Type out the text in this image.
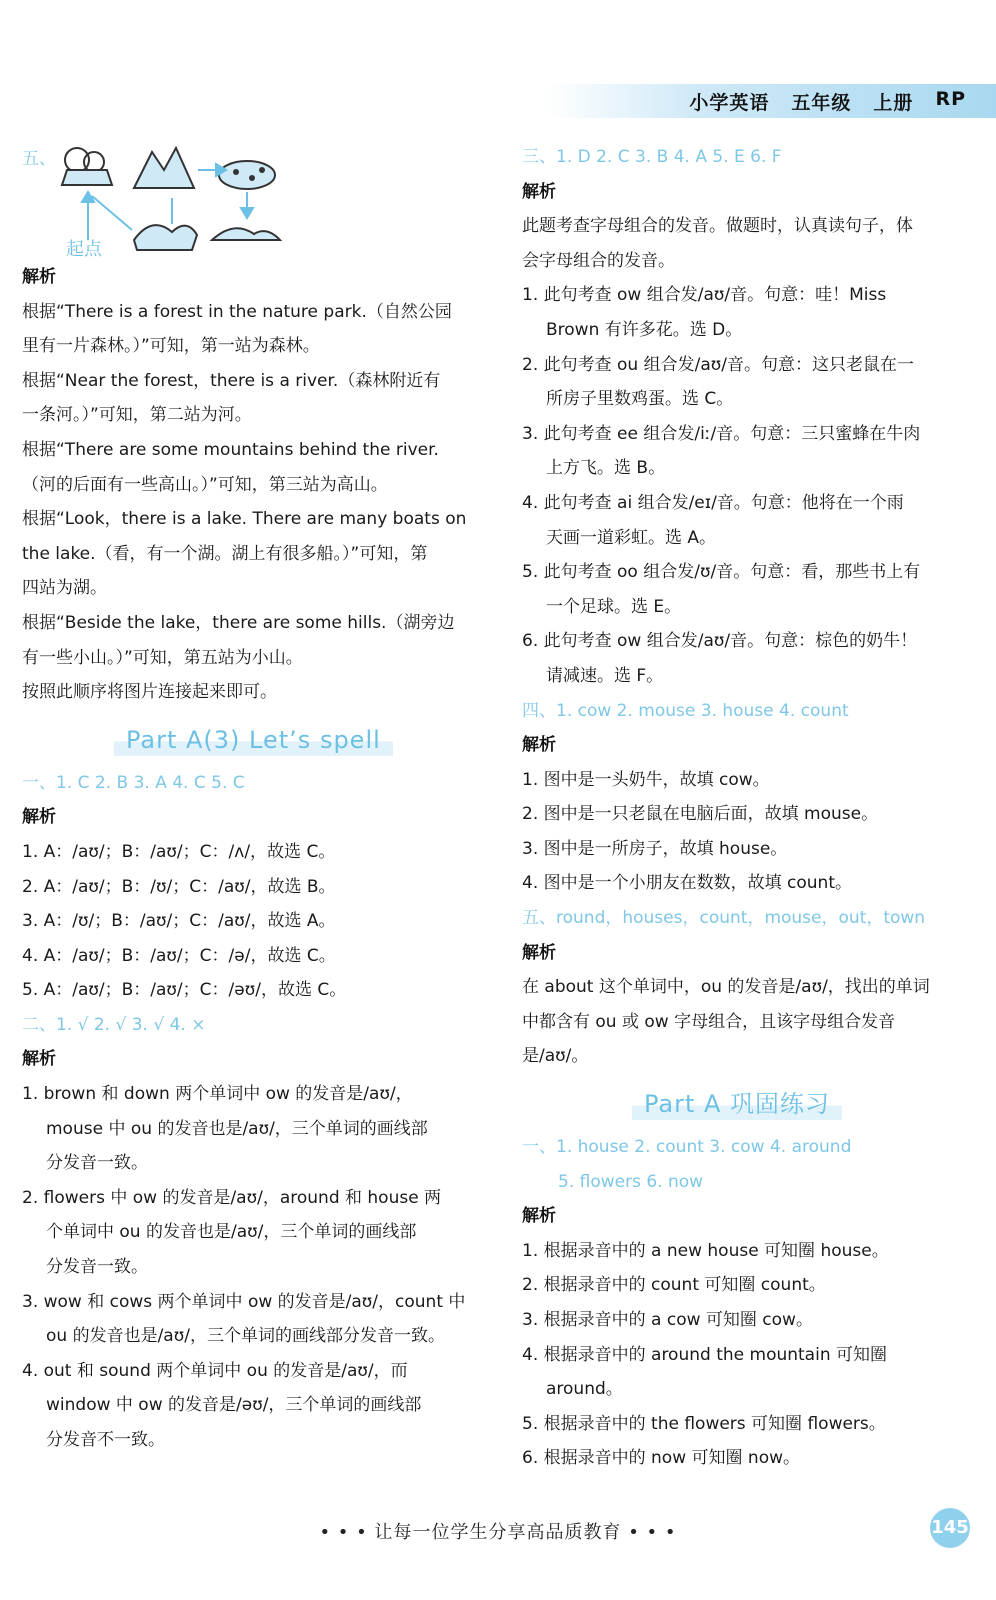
小学英语 五年级 上册 RP
五、
起点
解析
根据“There is a forest in the nature park.（自然公园
里有一片森林。）”可知，第一站为森林。
根据“Near the forest，there is a river.（森林附近有
一条河。）”可知，第二站为河。
根据“There are some mountains behind the river.
（河的后面有一些高山。）”可知，第三站为高山。
根据“Look，there is a lake. There are many boats on
the lake.（看，有一个湖。湖上有很多船。）”可知，第
四站为湖。
根据“Beside the lake，there are some hills.（湖旁边
有一些小山。）”可知，第五站为小山。
按照此顺序将图片连接起来即可。
Part A(3) Let’s spell
一、1. C 2. B 3. A 4. C 5. C
解析
1. A：/aʊ/；B：/aʊ/；C：/ʌ/，故选 C。
2. A：/aʊ/；B：/ʊ/；C：/aʊ/，故选 B。
3. A：/ʊ/；B：/aʊ/；C：/aʊ/，故选 A。
4. A：/aʊ/；B：/aʊ/；C：/ə/，故选 C。
5. A：/aʊ/；B：/aʊ/；C：/əʊ/，故选 C。
二、1. √ 2. √ 3. √ 4. ×
解析
1. brown 和 down 两个单词中 ow 的发音是/aʊ/，
mouse 中 ou 的发音也是/aʊ/，三个单词的画线部
分发音一致。
2. flowers 中 ow 的发音是/aʊ/，around 和 house 两
个单词中 ou 的发音也是/aʊ/，三个单词的画线部
分发音一致。
3. wow 和 cows 两个单词中 ow 的发音是/aʊ/，count 中
ou 的发音也是/aʊ/，三个单词的画线部分发音一致。
4. out 和 sound 两个单词中 ou 的发音是/aʊ/，而
window 中 ow 的发音是/əʊ/，三个单词的画线部
分发音不一致。
三、1. D 2. C 3. B 4. A 5. E 6. F
解析
此题考查字母组合的发音。做题时，认真读句子，体
会字母组合的发音。
1. 此句考查 ow 组合发/aʊ/音。句意：哇！Miss
Brown 有许多花。选 D。
2. 此句考查 ou 组合发/aʊ/音。句意：这只老鼠在一
所房子里数鸡蛋。选 C。
3. 此句考查 ee 组合发/iː/音。句意：三只蜜蜂在牛肉
上方飞。选 B。
4. 此句考查 ai 组合发/eɪ/音。句意：他将在一个雨
天画一道彩虹。选 A。
5. 此句考查 oo 组合发/ʊ/音。句意：看，那些书上有
一个足球。选 E。
6. 此句考查 ow 组合发/aʊ/音。句意：棕色的奶牛！
请减速。选 F。
四、1. cow 2. mouse 3. house 4. count
解析
1. 图中是一头奶牛，故填 cow。
2. 图中是一只老鼠在电脑后面，故填 mouse。
3. 图中是一所房子，故填 house。
4. 图中是一个小朋友在数数，故填 count。
五、round，houses，count，mouse，out，town
解析
在 about 这个单词中，ou 的发音是/aʊ/，找出的单词
中都含有 ou 或 ow 字母组合，且该字母组合发音
是/aʊ/。
Part A 巩固练习
一、1. house 2. count 3. cow 4. around
5. flowers 6. now
解析
1. 根据录音中的 a new house 可知圈 house。
2. 根据录音中的 count 可知圈 count。
3. 根据录音中的 a cow 可知圈 cow。
4. 根据录音中的 around the mountain 可知圈
around。
5. 根据录音中的 the flowers 可知圈 flowers。
6. 根据录音中的 now 可知圈 now。
• • • 让每一位学生分享高品质教育 • • •	145
